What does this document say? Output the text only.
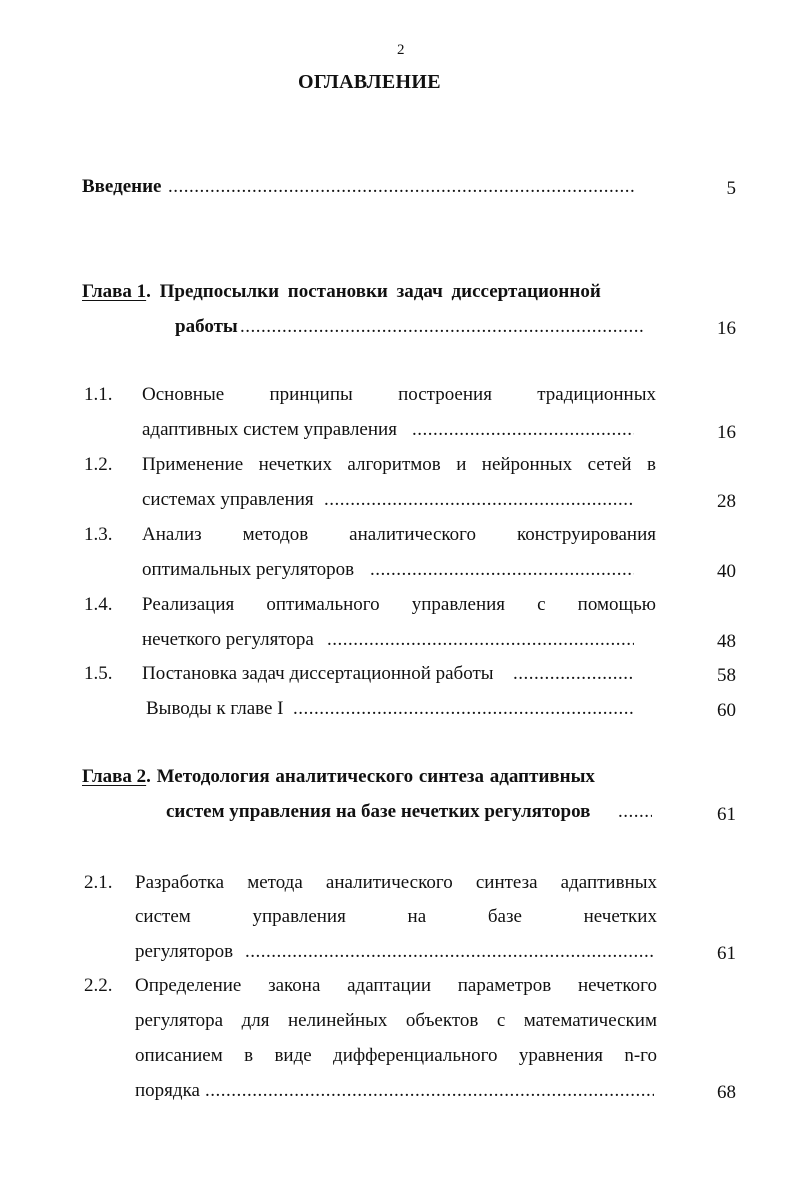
2
ОГЛАВЛЕНИЕ
Введение .....	5
Глава 1. Предпосылки постановки задач диссертационной
работы .....	16
1.1. Основные принципы построения традиционных
адаптивных систем управления .....	16
1.2. Применение нечетких алгоритмов и нейронных сетей в
системах управления .....	28
1.3. Анализ методов аналитического конструирования
оптимальных регуляторов .....	40
1.4. Реализация оптимального управления с помощью
нечеткого регулятора .....	48
1.5. Постановка задач диссертационной работы .....	58
Выводы к главе I .....	60
Глава 2. Методология аналитического синтеза адаптивных
систем управления на базе нечетких регуляторов .....	61
2.1. Разработка метода аналитического синтеза адаптивных
систем	управления	на	базе	нечетких
регуляторов .....	61
2.2. Определение закона адаптации параметров нечеткого
регулятора для нелинейных объектов с математическим
описанием в виде дифференциального уравнения n-го
порядка .....	68
